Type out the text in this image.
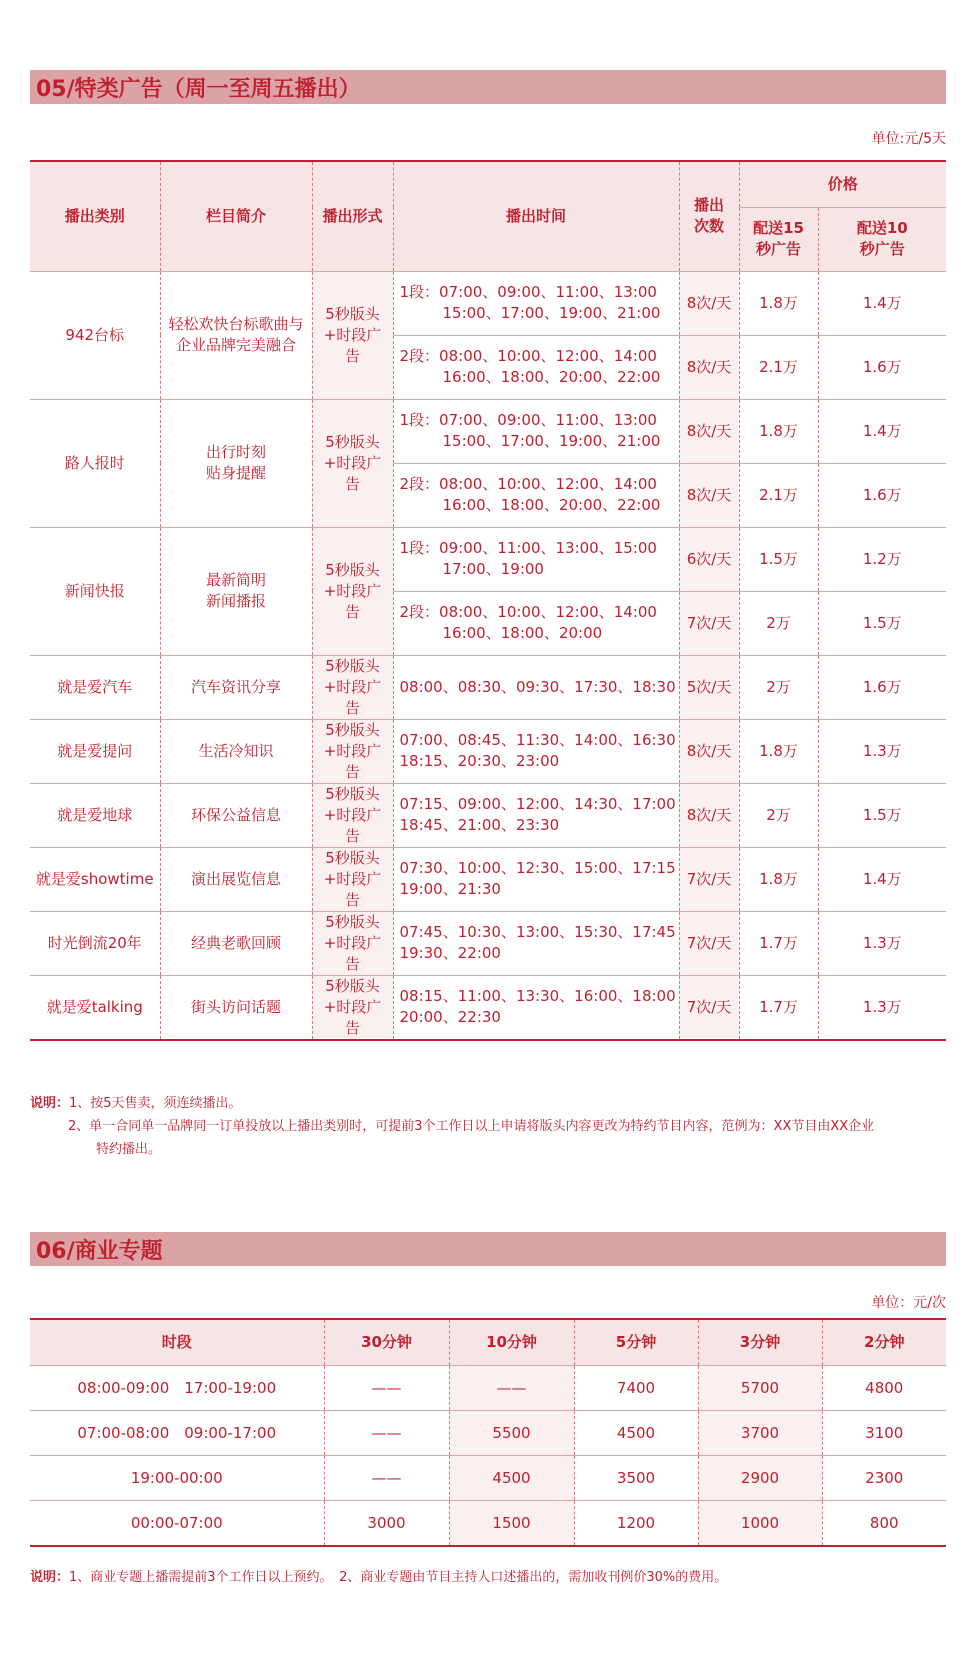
05/特类广告（周一至周五播出）
单位:元/5天
播出类别	栏目简介	播出形式	播出时间	播出次数	价格	
					配送15秒广告	配送10秒广告
942台标	轻松欢快台标歌曲与企业品牌完美融合	5秒版头+时段广告	1段：07:00、09:00、11:00、13:00
15:00、17:00、19:00、21:00	8次/天	1.8万	1.4万

			2段：08:00、10:00、12:00、14:00
16:00、18:00、20:00、22:00	8次/天	2.1万	1.6万
路人报时	出行时刻贴身提醒	5秒版头+时段广告	1段：07:00、09:00、11:00、13:00
15:00、17:00、19:00、21:00	8次/天	1.8万	1.4万

			2段：08:00、10:00、12:00、14:00
16:00、18:00、20:00、22:00	8次/天	2.1万	1.6万
新闻快报	最新简明新闻播报	5秒版头+时段广告	1段：09:00、11:00、13:00、15:00
17:00、19:00	6次/天	1.5万	1.2万

			2段：08:00、10:00、12:00、14:00
16:00、18:00、20:00	7次/天	2万	1.5万
就是爱汽车	汽车资讯分享	5秒版头+时段广告	08:00、08:30、09:30、17:30、18:30	5次/天	2万	1.6万
就是爱提问	生活冷知识	5秒版头+时段广告	07:00、08:45、11:30、14:00、16:30
18:15、20:30、23:00	8次/天	1.8万	1.3万
就是爱地球	环保公益信息	5秒版头+时段广告	07:15、09:00、12:00、14:30、17:00
18:45、21:00、23:30	8次/天	2万	1.5万
就是爱showtime	演出展览信息	5秒版头+时段广告	07:30、10:00、12:30、15:00、17:15
19:00、21:30	7次/天	1.8万	1.4万
时光倒流20年	经典老歌回顾	5秒版头+时段广告	07:45、10:30、13:00、15:30、17:45
19:30、22:00	7次/天	1.7万	1.3万
就是爱talking	街头访问话题	5秒版头+时段广告	08:15、11:00、13:30、16:00、18:00
20:00、22:30	7次/天	1.7万	1.3万
说明：1、按5天售卖，须连续播出。
2、单一合同单一品牌同一订单投放以上播出类别时，可提前3个工作日以上申请将版头内容更改为特约节目内容，范例为：XX节目由XX企业
特约播出。
06/商业专题
单位：元/次
时段	30分钟	10分钟	5分钟	3分钟	2分钟
08:00-09:00　17:00-19:00	——	——	7400	5700	4800
07:00-08:00　09:00-17:00	——	5500	4500	3700	3100
19:00-00:00	——	4500	3500	2900	2300
00:00-07:00	3000	1500	1200	1000	800
说明：1、商业专题上播需提前3个工作日以上预约。　 2、商业专题由节目主持人口述播出的，需加收刊例价30%的费用。
